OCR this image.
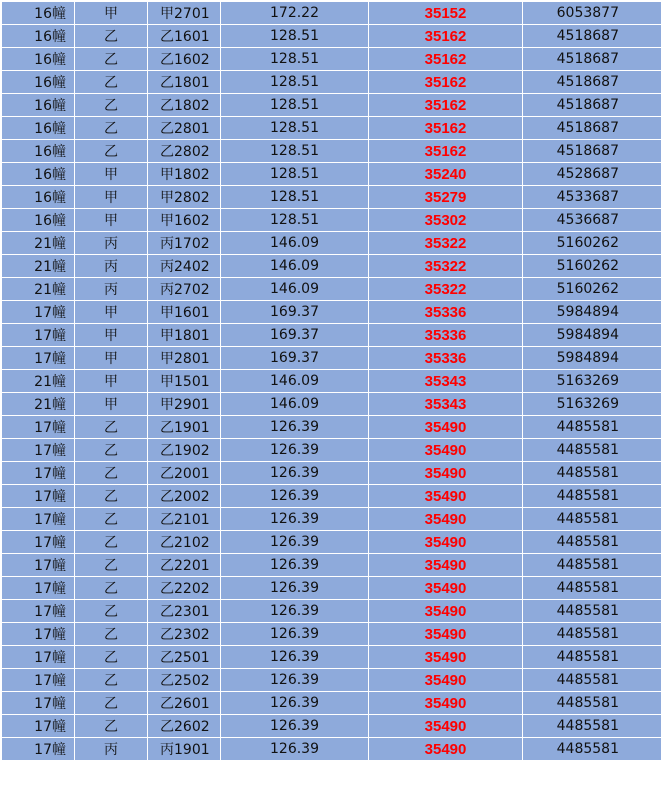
16幢	甲	甲2701	172.22	35152	6053877
16幢	乙	乙1601	128.51	35162	4518687
16幢	乙	乙1602	128.51	35162	4518687
16幢	乙	乙1801	128.51	35162	4518687
16幢	乙	乙1802	128.51	35162	4518687
16幢	乙	乙2801	128.51	35162	4518687
16幢	乙	乙2802	128.51	35162	4518687
16幢	甲	甲1802	128.51	35240	4528687
16幢	甲	甲2802	128.51	35279	4533687
16幢	甲	甲1602	128.51	35302	4536687
21幢	丙	丙1702	146.09	35322	5160262
21幢	丙	丙2402	146.09	35322	5160262
21幢	丙	丙2702	146.09	35322	5160262
17幢	甲	甲1601	169.37	35336	5984894
17幢	甲	甲1801	169.37	35336	5984894
17幢	甲	甲2801	169.37	35336	5984894
21幢	甲	甲1501	146.09	35343	5163269
21幢	甲	甲2901	146.09	35343	5163269
17幢	乙	乙1901	126.39	35490	4485581
17幢	乙	乙1902	126.39	35490	4485581
17幢	乙	乙2001	126.39	35490	4485581
17幢	乙	乙2002	126.39	35490	4485581
17幢	乙	乙2101	126.39	35490	4485581
17幢	乙	乙2102	126.39	35490	4485581
17幢	乙	乙2201	126.39	35490	4485581
17幢	乙	乙2202	126.39	35490	4485581
17幢	乙	乙2301	126.39	35490	4485581
17幢	乙	乙2302	126.39	35490	4485581
17幢	乙	乙2501	126.39	35490	4485581
17幢	乙	乙2502	126.39	35490	4485581
17幢	乙	乙2601	126.39	35490	4485581
17幢	乙	乙2602	126.39	35490	4485581
17幢	丙	丙1901	126.39	35490	4485581
